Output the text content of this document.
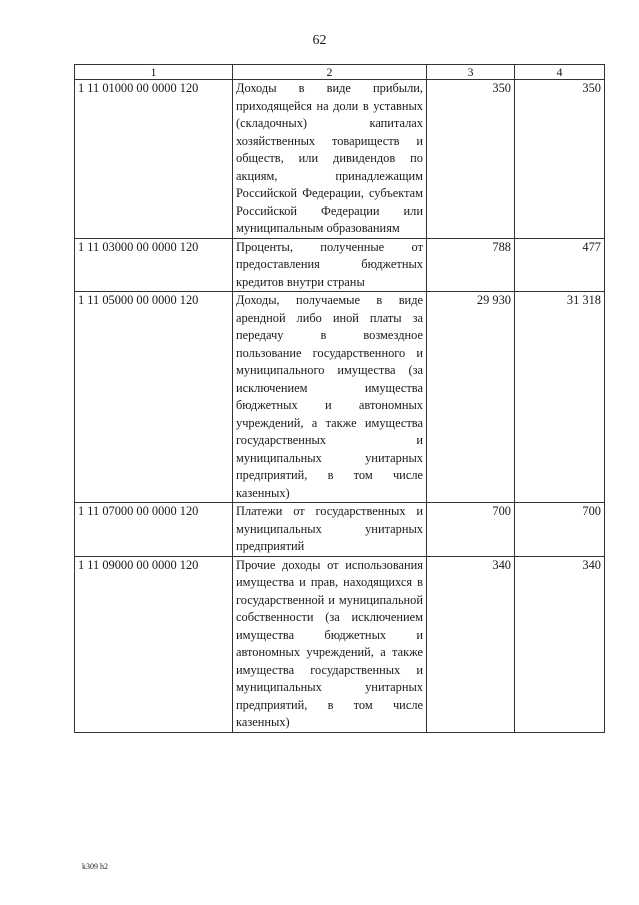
62
1	2	3	4
1 11 01000 00 0000 120	Доходы в виде прибыли, приходящейся на доли в уставных (складочных) капиталах хозяйственных товариществ и обществ, или дивидендов по акциям, принадлежащим Российской Федерации, субъектам Российской Федерации или муниципальным образованиям	350	350
1 11 03000 00 0000 120	Проценты, полученные от предоставления бюджетных кредитов внутри страны	788	477
1 11 05000 00 0000 120	Доходы, получаемые в виде арендной либо иной платы за передачу в возмездное пользование государственного и муниципального имущества (за исключением имущества бюджетных и автономных учреждений, а также имущества государственных и муниципальных унитарных предприятий, в том числе казенных)	29 930	31 318
1 11 07000 00 0000 120	Платежи от государственных и муниципальных унитарных предприятий	700	700
1 11 09000 00 0000 120	Прочие доходы от использования имущества и прав, находящихся в государственной и муниципальной собственности (за исключением имущества бюджетных и автономных учреждений, а также имущества государственных и муниципальных унитарных предприятий, в том числе казенных)	340	340
k309 h2
